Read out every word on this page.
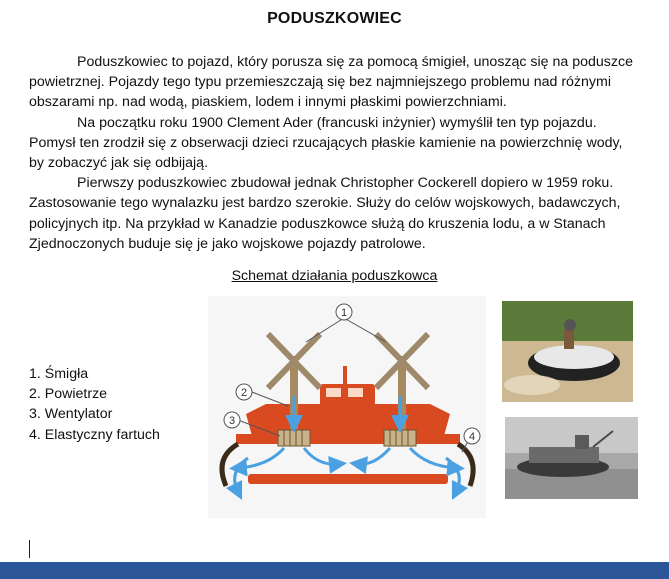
PODUSZKOWIEC

Poduszkowiec to pojazd, który porusza się za pomocą śmigieł, unosząc się na poduszce powietrznej. Pojazdy tego typu przemieszczają się bez najmniejszego problemu nad różnymi obszarami np. nad wodą, piaskiem, lodem i innymi płaskimi powierzchniami.

Na początku roku 1900 Clement Ader (francuski inżynier) wymyślił ten typ pojazdu. Pomysł ten zrodził się z obserwacji dzieci rzucających płaskie kamienie na powierzchnię wody, by zobaczyć jak się odbijają.

Pierwszy poduszkowiec zbudował jednak Christopher Cockerell dopiero w 1959 roku. Zastosowanie tego wynalazku jest bardzo szerokie. Służy do celów wojskowych, badawczych, policyjnych itp. Na przykład w Kanadzie poduszkowce służą do kruszenia lodu, a w Stanach Zjednoczonych buduje się je jako wojskowe pojazdy patrolowe.

Schemat działania poduszkowca
1. Śmigła
2. Powietrze
3. Wentylator
4. Elastyczny fartuch
1
2
3
4
